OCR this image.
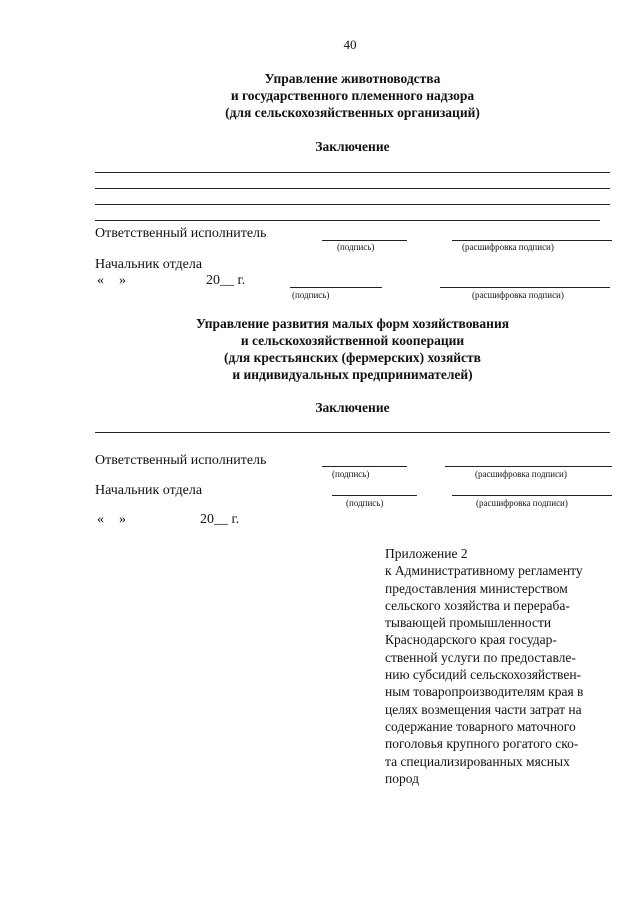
40
Управление животноводства
и государственного племенного надзора
(для сельскохозяйственных организаций)
Заключение
Ответственный исполнитель
(подпись)	(расшифровка подписи)
Начальник отдела
« »	20__ г.
(подпись)	(расшифровка подписи)
Управление развития малых форм хозяйствования
и сельскохозяйственной кооперации
(для крестьянских (фермерских) хозяйств
и индивидуальных предпринимателей)
Заключение
Ответственный исполнитель
(подпись)	(расшифровка подписи)
Начальник отдела
(подпись)	(расшифровка подписи)
« »	20__ г.
Приложение 2
к Административному регламенту
предоставления министерством
сельского хозяйства и перераба-
тывающей промышленности
Краснодарского края государ-
ственной услуги по предоставле-
нию субсидий сельскохозяйствен-
ным товаропроизводителям края в
целях возмещения части затрат на
содержание товарного маточного
поголовья крупного рогатого ско-
та специализированных мясных
пород
